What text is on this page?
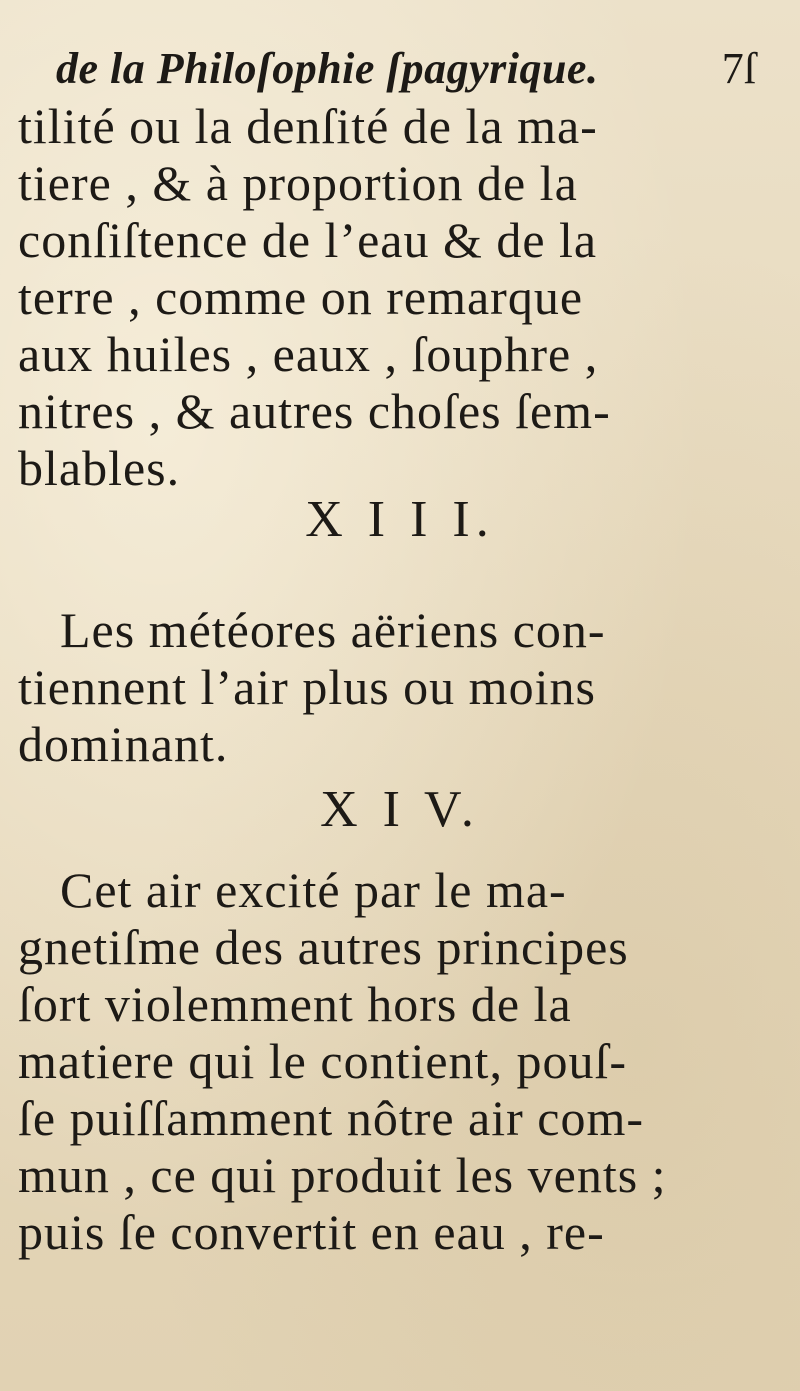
de la Philoſophie ſpagyrique.	7ſ
tilité ou la denſité de la ma-
tiere , & à proportion de la
conſiſtence de l’eau & de la
terre , comme on remarque
aux huiles , eaux , ſouphre ,
nitres , & autres choſes ſem-
blables.
X I I I.
Les météores aëriens con-
tiennent l’air plus ou moins
dominant.
X I V.
Cet air excité par le ma-
gnetiſme des autres principes
ſort violemment hors de la
matiere qui le contient, pouſ-
ſe puiſſamment nôtre air com-
mun , ce qui produit les vents ;
puis ſe convertit en eau , re-
